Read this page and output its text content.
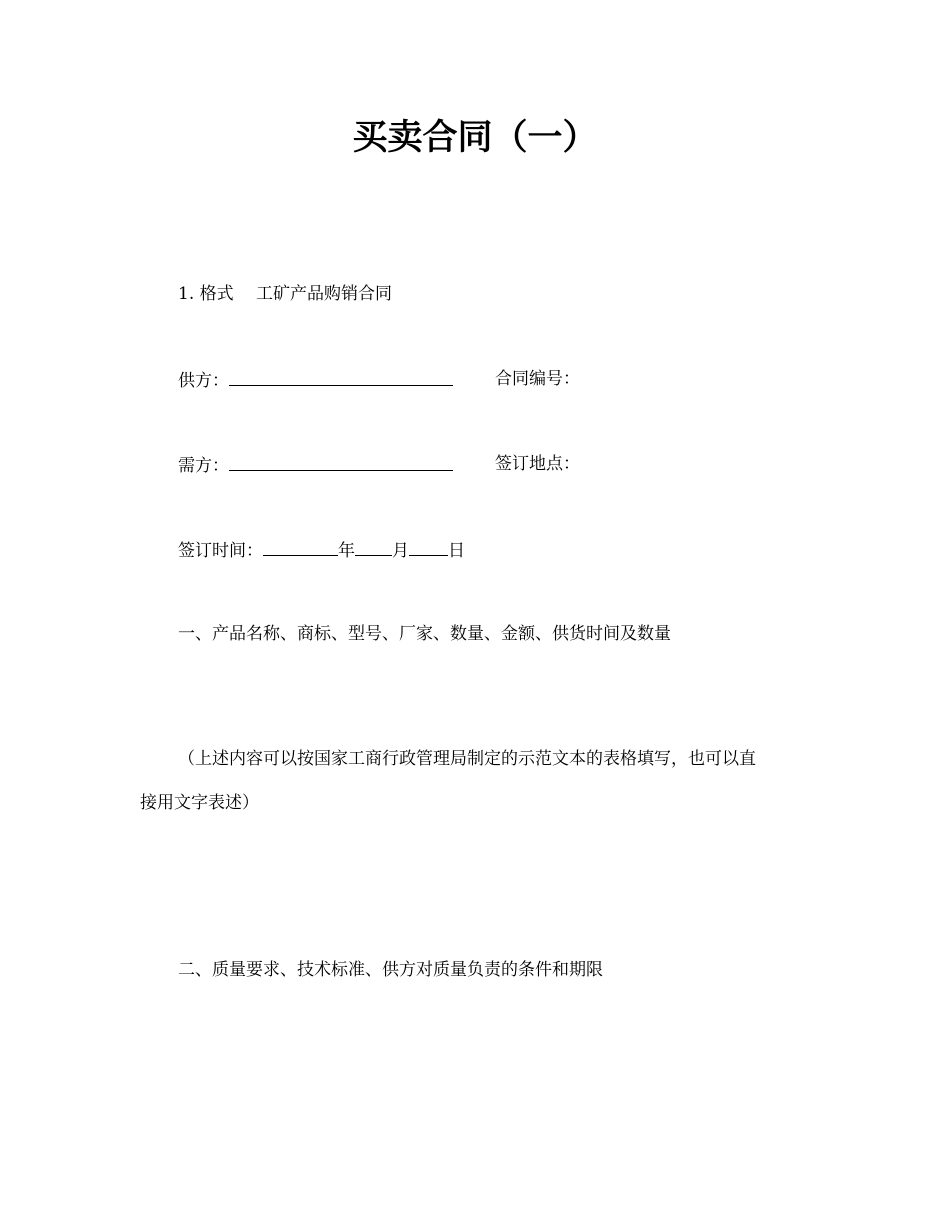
买卖合同（一）
1. 格式　 工矿产品购销合同
供方：	合同编号：
需方：	签订地点：
签订时间：	年 月 日
一、产品名称、商标、型号、厂家、数量、金额、供货时间及数量
（上述内容可以按国家工商行政管理局制定的示范文本的表格填写，也可以直
接用文字表述）
二、质量要求、技术标准、供方对质量负责的条件和期限
